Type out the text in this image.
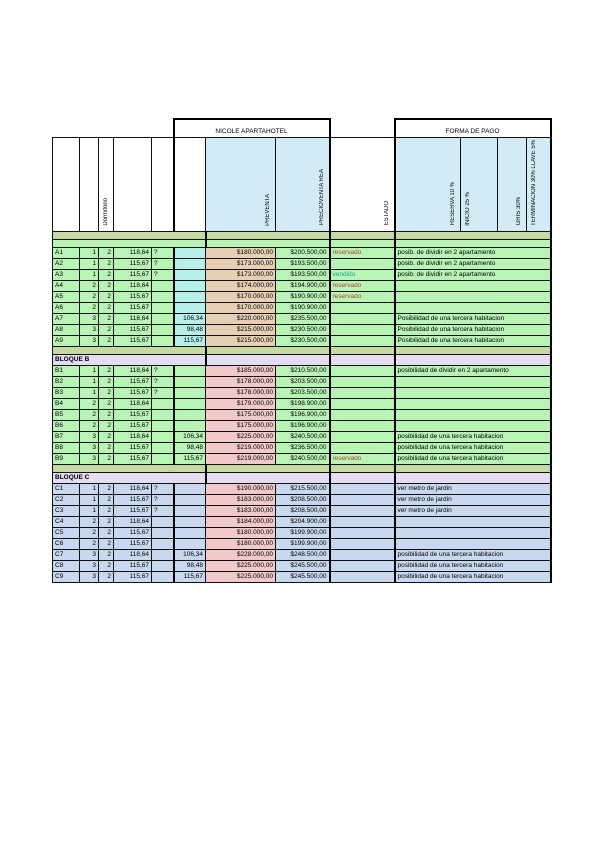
					NICOLE APARTAHOTEL				FORMA DE PAGO			
		Dormitorio				PREVENTA	PRECIOVENTA REA	ESTADO	RESERVA 10 %	INICIO 25 %	GRIS 30%	TERMINACION 30% LLAVE 5%

A1	1	2	118,64	?		$180.000,00	$200.500,00	reservado	posib. de dividir en 2 apartamento			
A2	1	2	115,67	?		$173.000,00	$193.500,00		posib. de dividir en 2 apartamento			
A3	1	2	115,67	?		$173.000,00	$193.500,00	vendido	posib. de dividir en 2 apartamento			
A4	2	2	118,64			$174.000,00	$194.900,00	reservado				
A5	2	2	115,67			$170.000,00	$190.900,00	reservado				
A6	2	2	115,67			$170.000,00	$190.900,00					
A7	3	2	118,64		106,34	$220.000,00	$235.500,00		Posibilidad de una tercera habitacion			
A8	3	2	115,67		98,48	$215.000,00	$230.500,00		Posibilidad de una tercera habitacion			
A9	3	2	115,67		115,67	$215.000,00	$230.500,00		Posibilidad de una tercera habitacion			

BLOQUE B												
B1	1	2	118,64	?		$185.000,00	$210.500,00		posibilidad de dividir en 2 apartamento			
B2	1	2	115,67	?		$178.000,00	$203.500,00					
B3	1	2	115,67	?		$178.000,00	$203.500,00					
B4	2	2	118,64			$179.000,00	$198.900,00					
B5	2	2	115,67			$175.000,00	$196.900,00					
B6	2	2	115,67			$175.000,00	$196.900,00					
B7	3	2	118,64		106,34	$225.000,00	$240.500,00		posibilidad de una tercera habitacion			
B8	3	2	115,67		98,48	$219.000,00	$236.500,00		posibilidad de una tercera habitacion			
B9	3	2	115,67		115,67	$219.000,00	$240.500,00	reservado	posibilidad de una tercera habitacion			

BLOQUE C												
C1	1	2	118,64	?		$190.000,00	$215.500,00		ver metro de jardin			
C2	1	2	115,67	?		$183.000,00	$208.500,00		ver metro de jardin			
C3	1	2	115,67	?		$183.000,00	$208.500,00		ver metro de jardin			
C4	2	2	118,64			$184.000,00	$204.900,00					
C5	2	2	115,67			$180.000,00	$199.900,00					
C6	2	2	115,67			$180.000,00	$199.900,00					
C7	3	2	118,64		106,34	$228.000,00	$248.500,00		posibilidad de una tercera habitacion			
C8	3	2	115,67		98,48	$225.000,00	$245.500,00		posibilidad de una tercera habitacion			
C9	3	2	115,67		115,67	$225.000,00	$245.500,00		posibilidad de una tercera habitacion			
